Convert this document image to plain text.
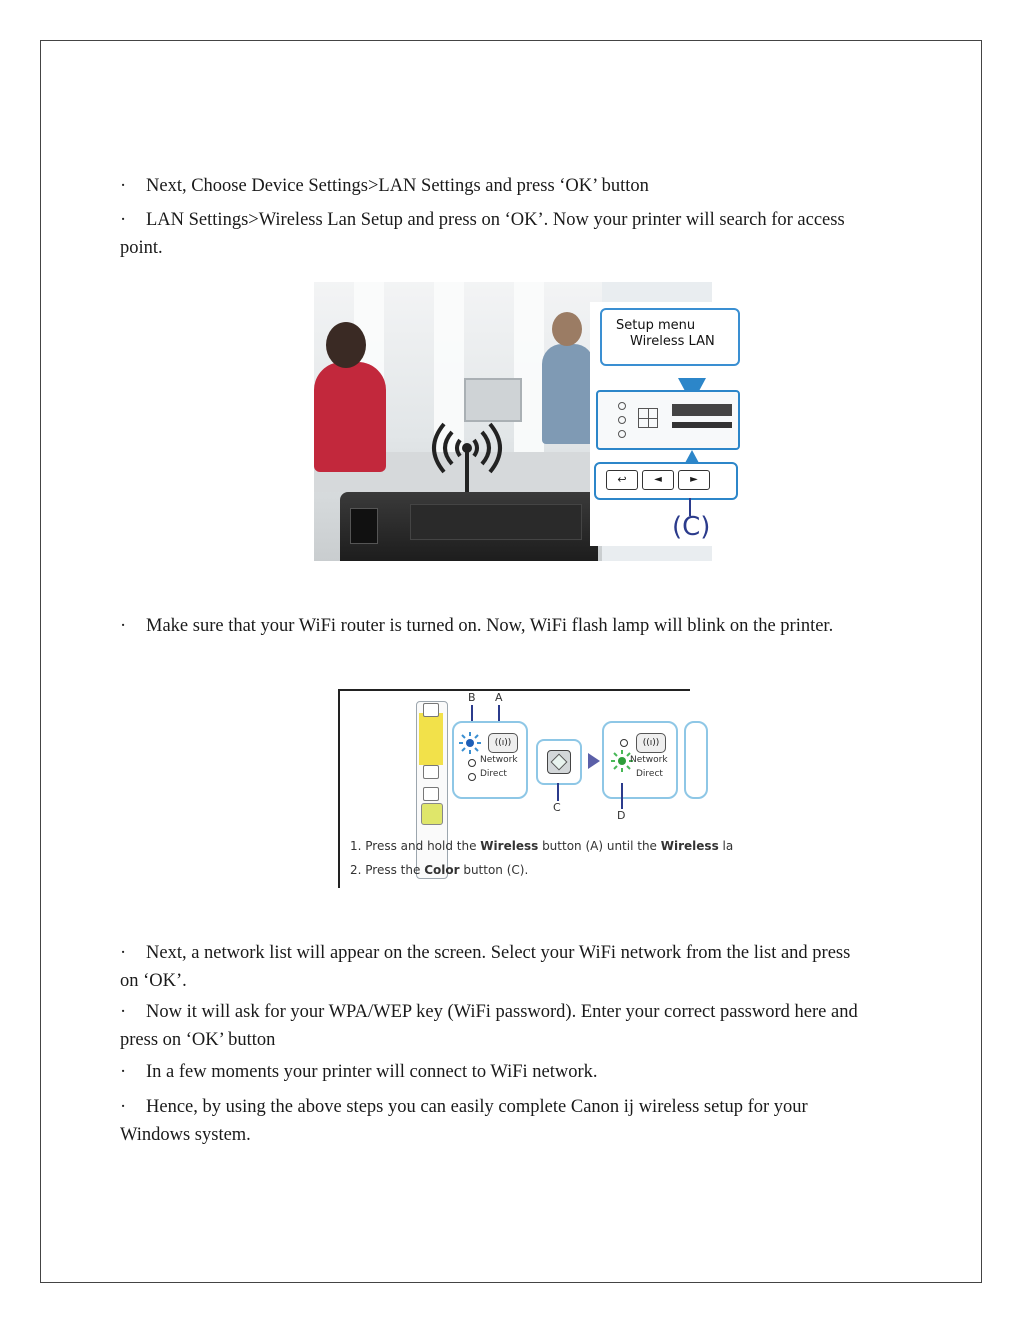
· Next, Choose Device Settings>LAN Settings and press ‘OK’ button

· LAN Settings>Wireless Lan Setup and press on ‘OK’. Now your printer will search for access point.

Setup menu
Wireless LAN
↩	◄	►
(C)

· Make sure that your WiFi router is turned on. Now, WiFi flash lamp will blink on the printer.

B A
((ı))
Network
Direct
C
((ı))
Network
Direct
D
1. Press and hold the Wireless button (A) until the Wireless la
2. Press the Color button (C).

· Next, a network list will appear on the screen. Select your WiFi network from the list and press on ‘OK’.

· Now it will ask for your WPA/WEP key (WiFi password). Enter your correct password here and press on ‘OK’ button

· In a few moments your printer will connect to WiFi network.

· Hence, by using the above steps you can easily complete Canon ij wireless setup for your Windows system.
